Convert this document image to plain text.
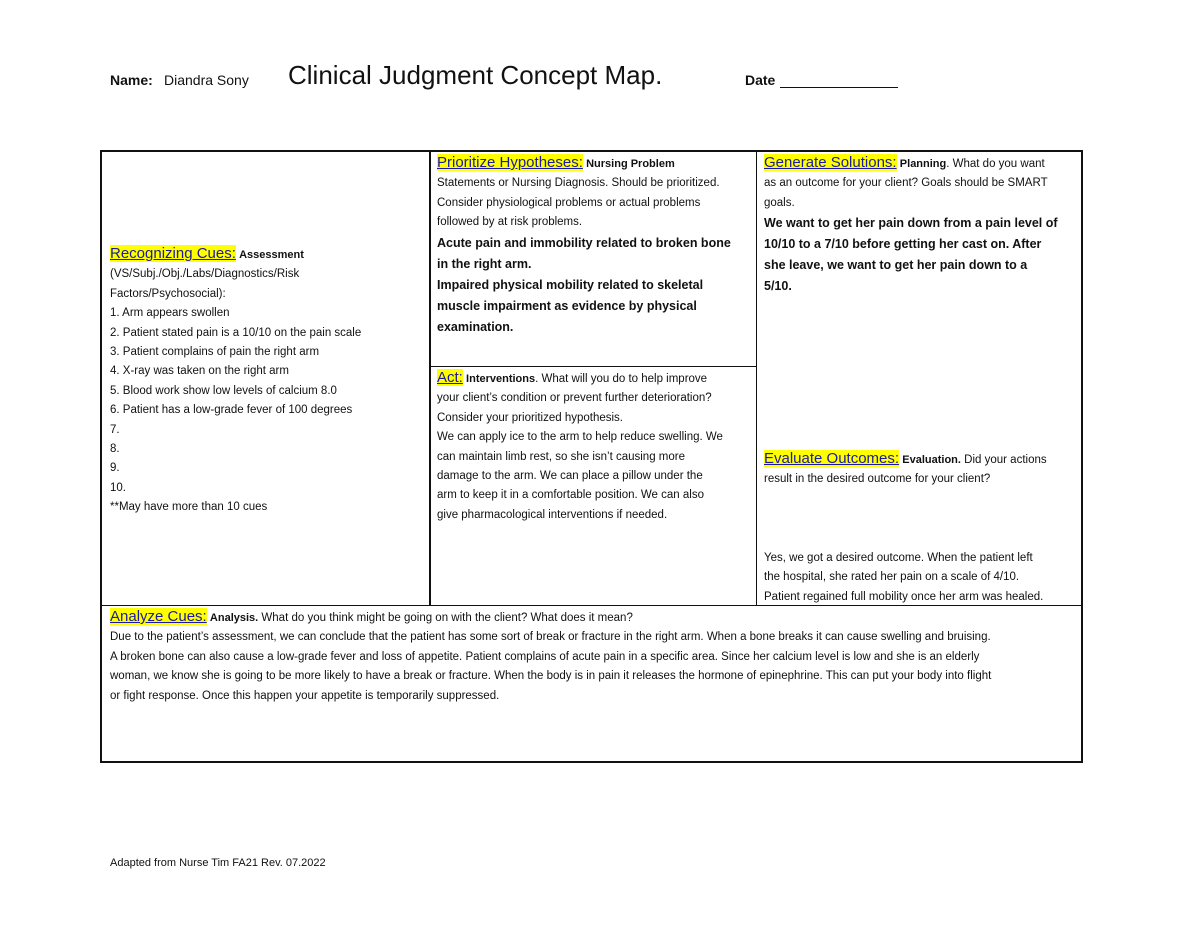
Name: Diandra Sony Clinical Judgment Concept Map.	Date
Recognizing Cues: Assessment
(VS/Subj./Obj./Labs/Diagnostics/Risk
Factors/Psychosocial):
1. Arm appears swollen
2. Patient stated pain is a 10/10 on the pain scale
3. Patient complains of pain the right arm
4. X-ray was taken on the right arm
5. Blood work show low levels of calcium 8.0
6. Patient has a low-grade fever of 100 degrees
7.
8.
9.
10.
**May have more than 10 cues
Prioritize Hypotheses: Nursing Problem
Statements or Nursing Diagnosis. Should be prioritized.
Consider physiological problems or actual problems
followed by at risk problems.
Acute pain and immobility related to broken bone
in the right arm.
Impaired physical mobility related to skeletal
muscle impairment as evidence by physical
examination.
Act: Interventions. What will you do to help improve
your client’s condition or prevent further deterioration?
Consider your prioritized hypothesis.
We can apply ice to the arm to help reduce swelling. We
can maintain limb rest, so she isn’t causing more
damage to the arm. We can place a pillow under the
arm to keep it in a comfortable position. We can also
give pharmacological interventions if needed.
Generate Solutions: Planning. What do you want
as an outcome for your client? Goals should be SMART
goals.
We want to get her pain down from a pain level of
10/10 to a 7/10 before getting her cast on. After
she leave, we want to get her pain down to a
5/10.
Evaluate Outcomes: Evaluation. Did your actions
result in the desired outcome for your client?
Yes, we got a desired outcome. When the patient left
the hospital, she rated her pain on a scale of 4/10.
Patient regained full mobility once her arm was healed.
Analyze Cues: Analysis. What do you think might be going on with the client? What does it mean?
Due to the patient’s assessment, we can conclude that the patient has some sort of break or fracture in the right arm. When a bone breaks it can cause swelling and bruising.
A broken bone can also cause a low-grade fever and loss of appetite. Patient complains of acute pain in a specific area. Since her calcium level is low and she is an elderly
woman, we know she is going to be more likely to have a break or fracture. When the body is in pain it releases the hormone of epinephrine. This can put your body into flight
or fight response. Once this happen your appetite is temporarily suppressed.
Adapted from Nurse Tim FA21 Rev. 07.2022
